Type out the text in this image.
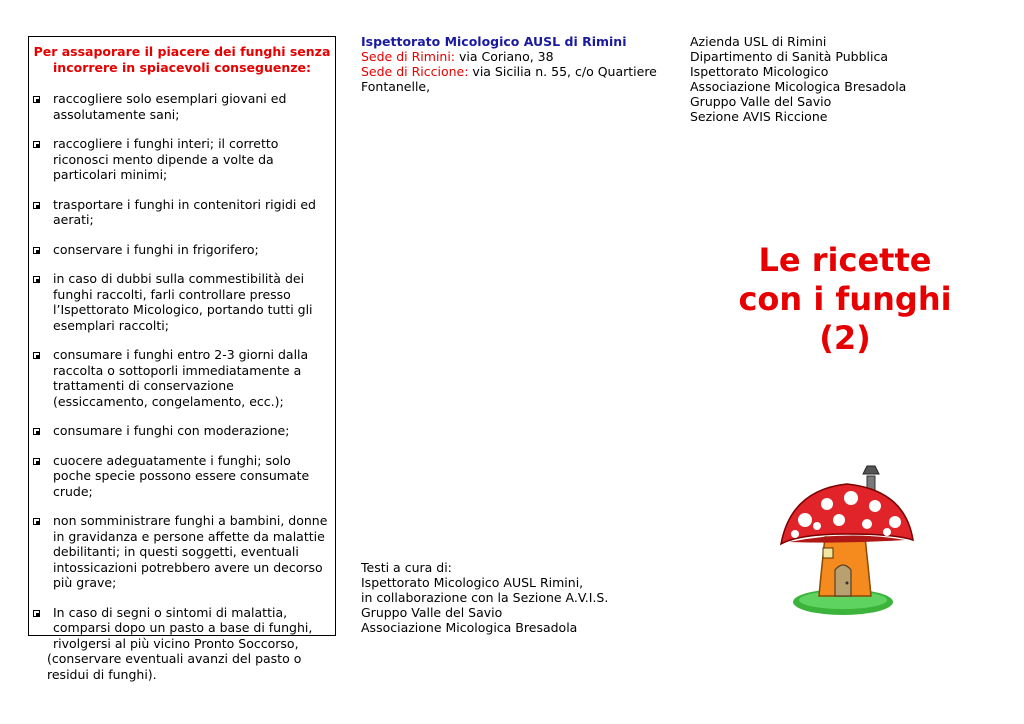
Per assaporare il piacere dei funghi senza incorrere in spiacevoli conseguenze:
raccogliere solo esemplari giovani ed assolutamente sani;
raccogliere i funghi interi; il corretto riconosci mento dipende a volte da particolari minimi;
trasportare i funghi in contenitori rigidi ed aerati;
conservare i funghi in frigorifero;
in caso di dubbi sulla commestibilità dei funghi raccolti, farli controllare presso l’Ispettorato Micologico, portando tutti gli esemplari raccolti;
consumare i funghi entro 2-3 giorni dalla raccolta o sottoporli immediatamente a trattamenti di conservazione (essiccamento, congelamento, ecc.);
consumare i funghi con moderazione;
cuocere adeguatamente i funghi; solo poche specie possono essere consumate crude;
non somministrare funghi a bambini, donne in gravidanza e persone affette da malattie debilitanti; in questi soggetti, eventuali intossicazioni potrebbero avere un decorso più grave;
In caso di segni o sintomi di malattia, comparsi dopo un pasto a base di funghi, rivolgersi al più vicino Pronto Soccorso,
(conservare eventuali avanzi del pasto o residui di funghi).
Ispettorato Micologico AUSL di Rimini
Sede di Rimini: via Coriano, 38
Sede di Riccione: via Sicilia n. 55, c/o Quartiere Fontanelle,
Testi a cura di:
Ispettorato Micologico AUSL Rimini,
in collaborazione con la Sezione A.V.I.S.
Gruppo Valle del Savio
Associazione Micologica Bresadola
Azienda USL di Rimini
Dipartimento di Sanità Pubblica
Ispettorato Micologico
Associazione Micologica Bresadola
Gruppo Valle del Savio
Sezione AVIS Riccione
Le ricette
con i funghi
(2)
